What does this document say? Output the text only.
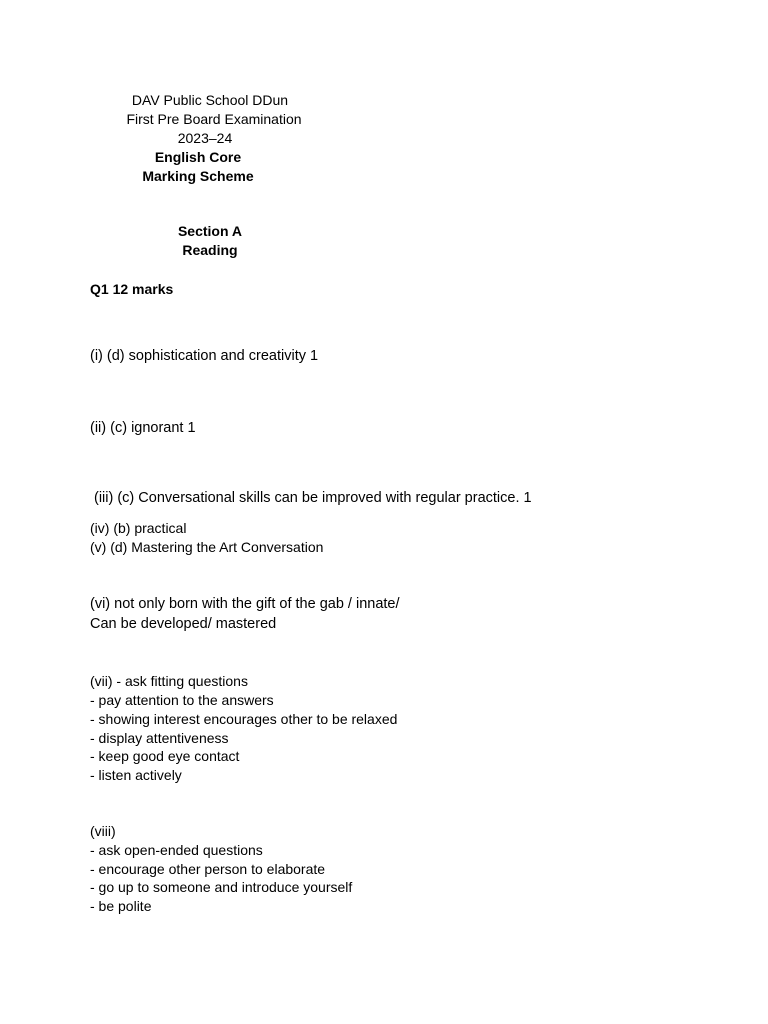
DAV Public School DDun
First Pre Board Examination
2023–24
English Core
Marking Scheme
Section A
Reading
Q1 12 marks
(i) (d) sophistication and creativity 1
(ii) (c) ignorant 1
(iii) (c) Conversational skills can be improved with regular practice. 1
(iv) (b) practical
(v) (d) Mastering the Art Conversation
(vi) not only born with the gift of the gab / innate/
Can be developed/ mastered
(vii) - ask fitting questions
- pay attention to the answers
- showing interest encourages other to be relaxed
- display attentiveness
- keep good eye contact
- listen actively
(viii)
- ask open-ended questions
- encourage other person to elaborate
- go up to someone and introduce yourself
- be polite
